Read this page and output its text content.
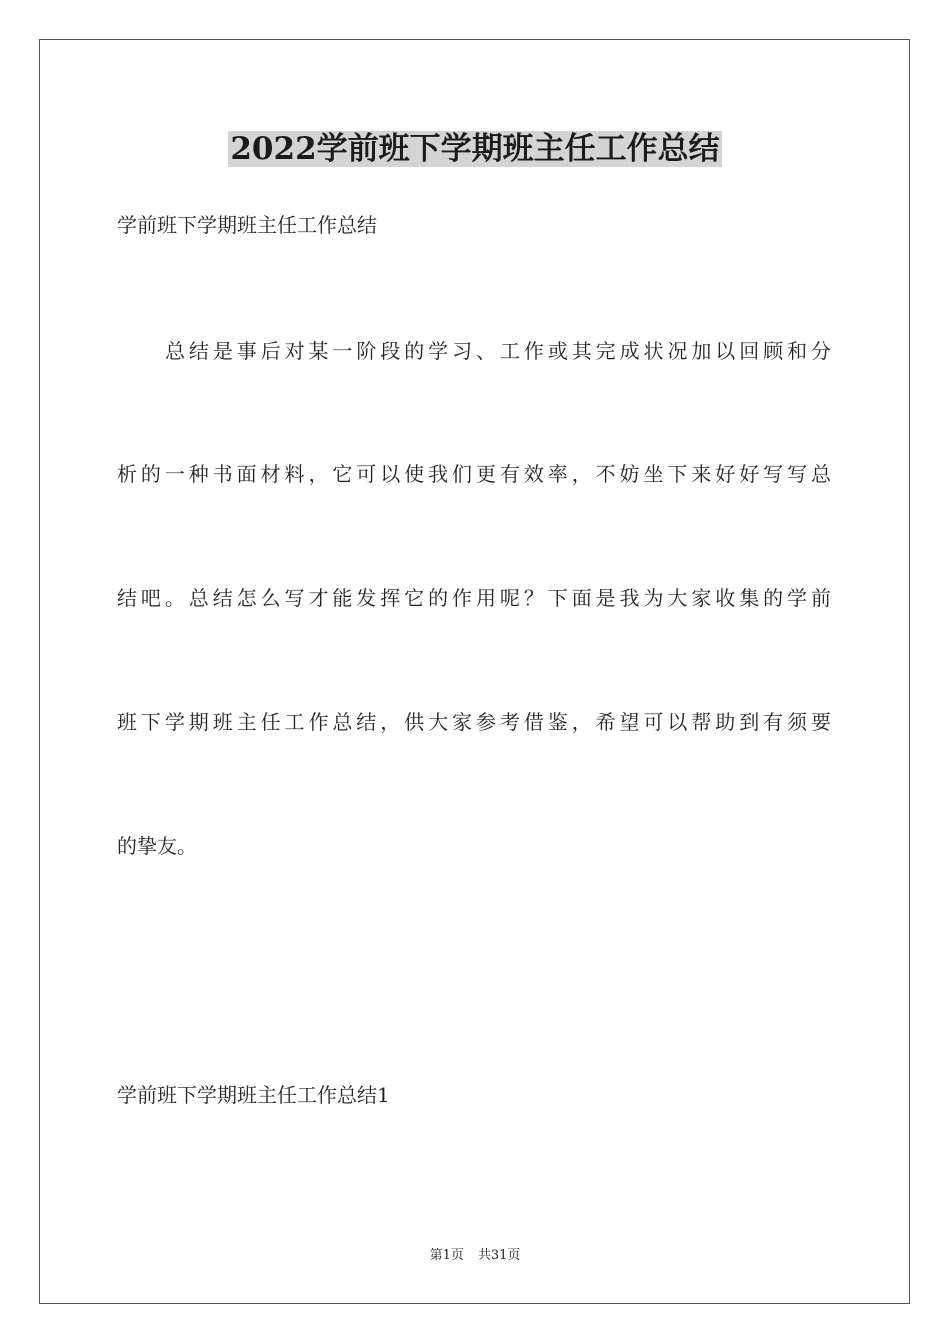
2022学前班下学期班主任工作总结
学前班下学期班主任工作总结
总结是事后对某一阶段的学习、工作或其完成状况加以回顾和分
析的一种书面材料，它可以使我们更有效率，不妨坐下来好好写写总
结吧。总结怎么写才能发挥它的作用呢？下面是我为大家收集的学前
班下学期班主任工作总结，供大家参考借鉴，希望可以帮助到有须要
的挚友。
学前班下学期班主任工作总结1
第1页 共31页
